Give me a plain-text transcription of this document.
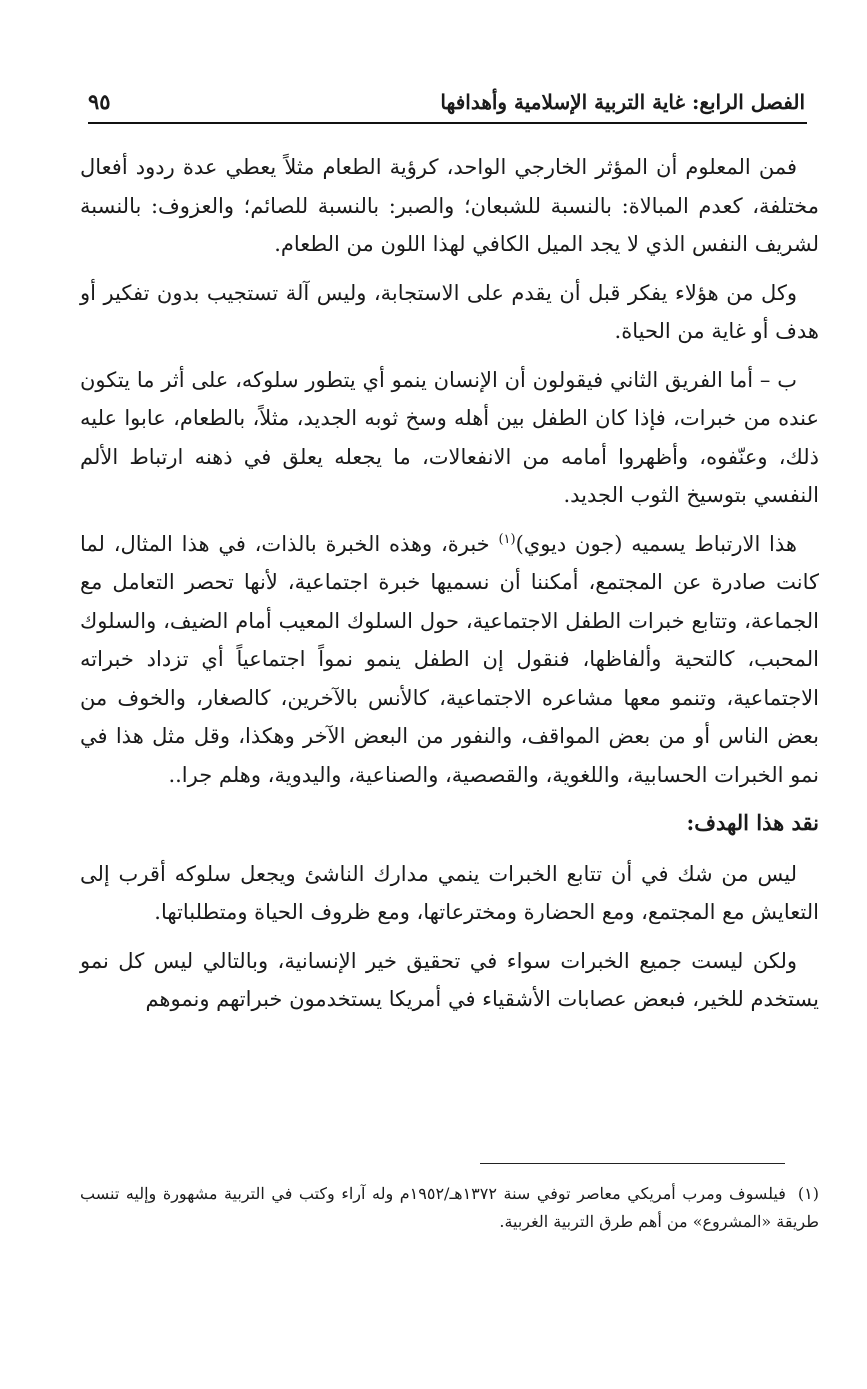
الفصل الرابع: غاية التربية الإسلامية وأهدافها
٩٥

فمن المعلوم أن المؤثر الخارجي الواحد، كرؤية الطعام مثلاً يعطي عدة ردود أفعال مختلفة، كعدم المبالاة: بالنسبة للشبعان؛ والصبر: بالنسبة للصائم؛ والعزوف: بالنسبة لشريف النفس الذي لا يجد الميل الكافي لهذا اللون من الطعام.

وكل من هؤلاء يفكر قبل أن يقدم على الاستجابة، وليس آلة تستجيب بدون تفكير أو هدف أو غاية من الحياة.

ب – أما الفريق الثاني فيقولون أن الإنسان ينمو أي يتطور سلوكه، على أثر ما يتكون عنده من خبرات، فإذا كان الطفل بين أهله وسخ ثوبه الجديد، مثلاً، بالطعام، عابوا عليه ذلك، وعنّفوه، وأظهروا أمامه من الانفعالات، ما يجعله يعلق في ذهنه ارتباط الألم النفسي بتوسيخ الثوب الجديد.

هذا الارتباط يسميه (جون ديوي)$^{(١)}$ خبرة، وهذه الخبرة بالذات، في هذا المثال، لما كانت صادرة عن المجتمع، أمكننا أن نسميها خبرة اجتماعية، لأنها تحصر التعامل مع الجماعة، وتتابع خبرات الطفل الاجتماعية، حول السلوك المعيب أمام الضيف، والسلوك المحبب، كالتحية وألفاظها، فنقول إن الطفل ينمو نمواً اجتماعياً أي تزداد خبراته الاجتماعية، وتنمو معها مشاعره الاجتماعية، كالأنس بالآخرين، كالصغار، والخوف من بعض الناس أو من بعض المواقف، والنفور من البعض الآخر وهكذا، وقل مثل هذا في نمو الخبرات الحسابية، واللغوية، والقصصية، والصناعية، واليدوية، وهلم جرا..

نقد هذا الهدف:

ليس من شك في أن تتابع الخبرات ينمي مدارك الناشئ ويجعل سلوكه أقرب إلى التعايش مع المجتمع، ومع الحضارة ومخترعاتها، ومع ظروف الحياة ومتطلباتها.

ولكن ليست جميع الخبرات سواء في تحقيق خير الإنسانية، وبالتالي ليس كل نمو يستخدم للخير، فبعض عصابات الأشقياء في أمريكا يستخدمون خبراتهم ونموهم

(١)فيلسوف ومرب أمريكي معاصر توفي سنة ١٣٧٢هـ/١٩٥٢م وله آراء وكتب في التربية مشهورة وإليه تنسب طريقة «المشروع» من أهم طرق التربية الغربية.
